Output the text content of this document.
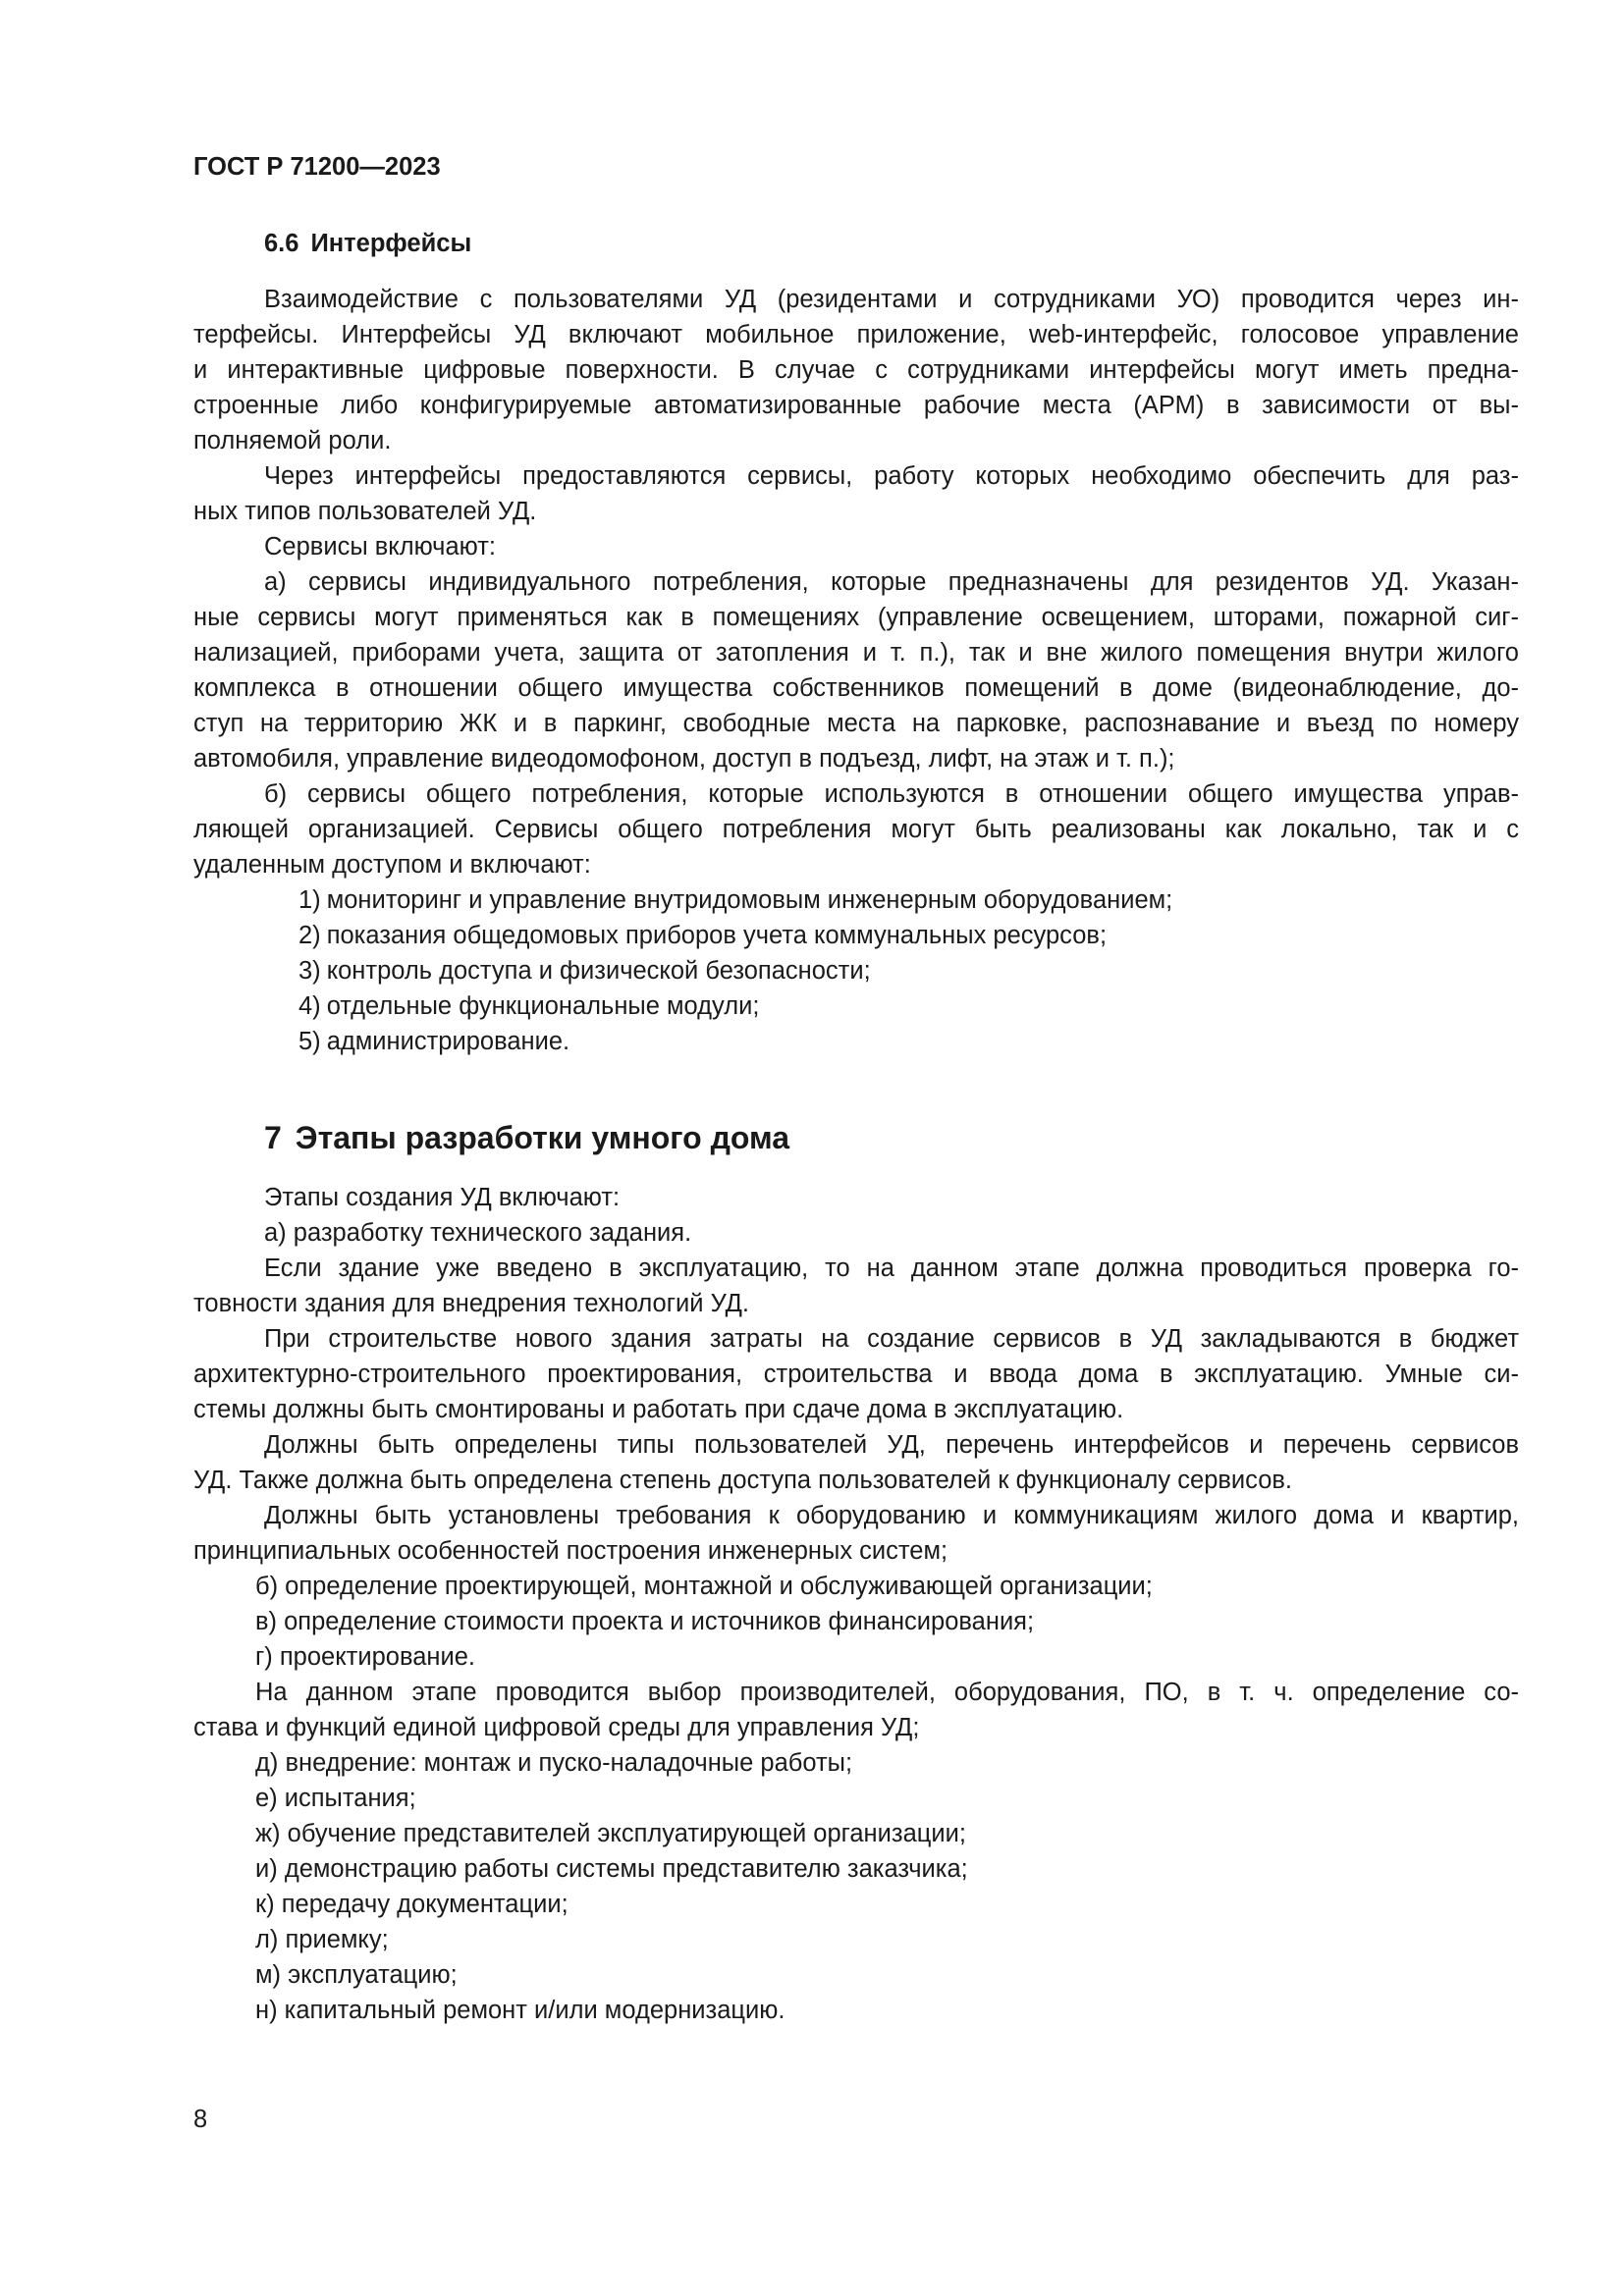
ГОСТ Р 71200—2023

6.6 Интерфейсы

Взаимодействие с пользователями УД (резидентами и сотрудниками УО) проводится через ин-

терфейсы. Интерфейсы УД включают мобильное приложение, web-интерфейс, голосовое управление

и интерактивные цифровые поверхности. В случае с сотрудниками интерфейсы могут иметь предна-

строенные либо конфигурируемые автоматизированные рабочие места (АРМ) в зависимости от вы-

полняемой роли.

Через интерфейсы предоставляются сервисы, работу которых необходимо обеспечить для раз-

ных типов пользователей УД.

Сервисы включают:

а) сервисы индивидуального потребления, которые предназначены для резидентов УД. Указан-

ные сервисы могут применяться как в помещениях (управление освещением, шторами, пожарной сиг-

нализацией, приборами учета, защита от затопления и т. п.), так и вне жилого помещения внутри жилого

комплекса в отношении общего имущества собственников помещений в доме (видеонаблюдение, до-

ступ на территорию ЖК и в паркинг, свободные места на парковке, распознавание и въезд по номеру

автомобиля, управление видеодомофоном, доступ в подъезд, лифт, на этаж и т. п.);

б) сервисы общего потребления, которые используются в отношении общего имущества управ-

ляющей организацией. Сервисы общего потребления могут быть реализованы как локально, так и с

удаленным доступом и включают:

1) мониторинг и управление внутридомовым инженерным оборудованием;

2) показания общедомовых приборов учета коммунальных ресурсов;

3) контроль доступа и физической безопасности;

4) отдельные функциональные модули;

5) администрирование.

7 Этапы разработки умного дома

Этапы создания УД включают:

а) разработку технического задания.

Если здание уже введено в эксплуатацию, то на данном этапе должна проводиться проверка го-

товности здания для внедрения технологий УД.

При строительстве нового здания затраты на создание сервисов в УД закладываются в бюджет

архитектурно-строительного проектирования, строительства и ввода дома в эксплуатацию. Умные си-

стемы должны быть смонтированы и работать при сдаче дома в эксплуатацию.

Должны быть определены типы пользователей УД, перечень интерфейсов и перечень сервисов

УД. Также должна быть определена степень доступа пользователей к функционалу сервисов.

Должны быть установлены требования к оборудованию и коммуникациям жилого дома и квартир,

принципиальных особенностей построения инженерных систем;

б) определение проектирующей, монтажной и обслуживающей организации;

в) определение стоимости проекта и источников финансирования;

г) проектирование.

На данном этапе проводится выбор производителей, оборудования, ПО, в т. ч. определение со-

става и функций единой цифровой среды для управления УД;

д) внедрение: монтаж и пуско-наладочные работы;

е) испытания;

ж) обучение представителей эксплуатирующей организации;

и) демонстрацию работы системы представителю заказчика;

к) передачу документации;

л) приемку;

м) эксплуатацию;

н) капитальный ремонт и/или модернизацию.

8
